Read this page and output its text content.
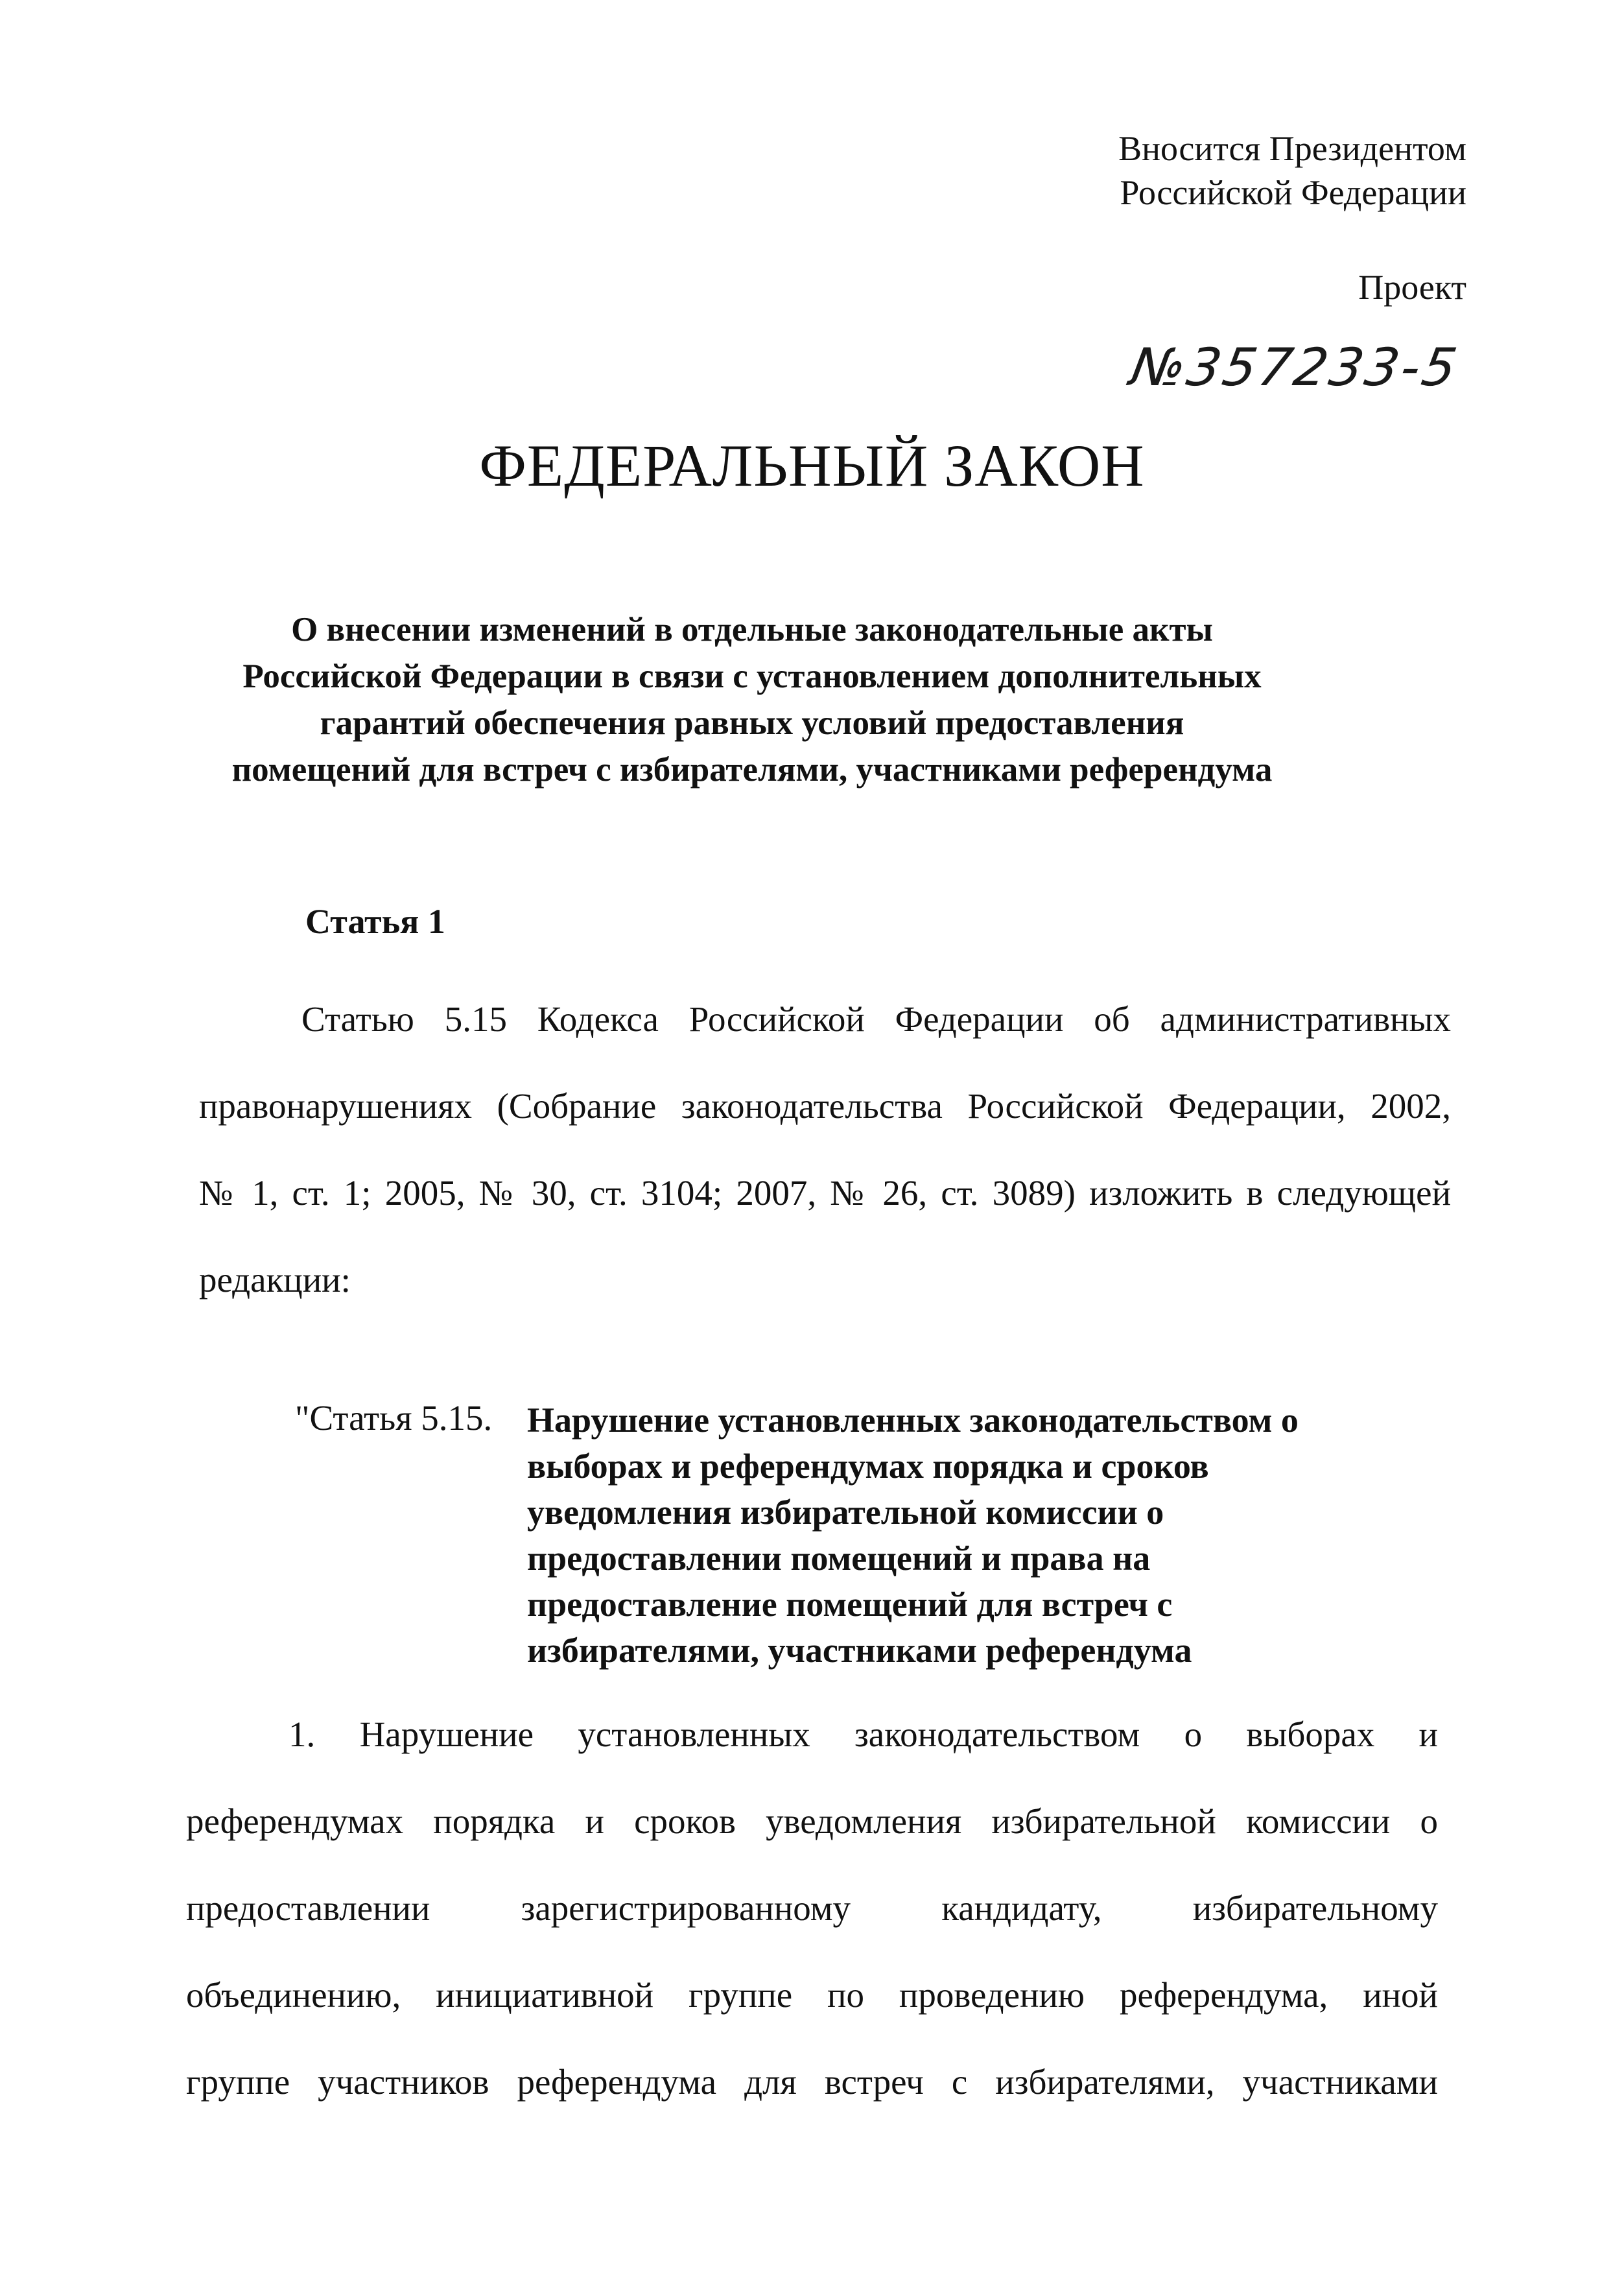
Вносится Президентом
Российской Федерации
Проект
№357233-5
ФЕДЕРАЛЬНЫЙ ЗАКОН
О внесении изменений в отдельные законодательные акты
Российской Федерации в связи с установлением дополнительных
гарантий обеспечения равных условий предоставления
помещений для встреч с избирателями, участниками референдума
Статья 1
Статью 5.15 Кодекса Российской Федерации об административных
правонарушениях (Собрание законодательства Российской Федерации, 2002,
№ 1, ст. 1; 2005, № 30, ст. 3104; 2007, № 26, ст. 3089) изложить в следующей
редакции:
"Статья 5.15. Нарушение установленных законодательством о
выборах и референдумах порядка и сроков
уведомления избирательной комиссии о
предоставлении помещений и права на
предоставление помещений для встреч с
избирателями, участниками референдума
1. Нарушение установленных законодательством о выборах и
референдумах порядка и сроков уведомления избирательной комиссии о
предоставлении зарегистрированному кандидату, избирательному
объединению, инициативной группе по проведению референдума, иной
группе участников референдума для встреч с избирателями, участниками
